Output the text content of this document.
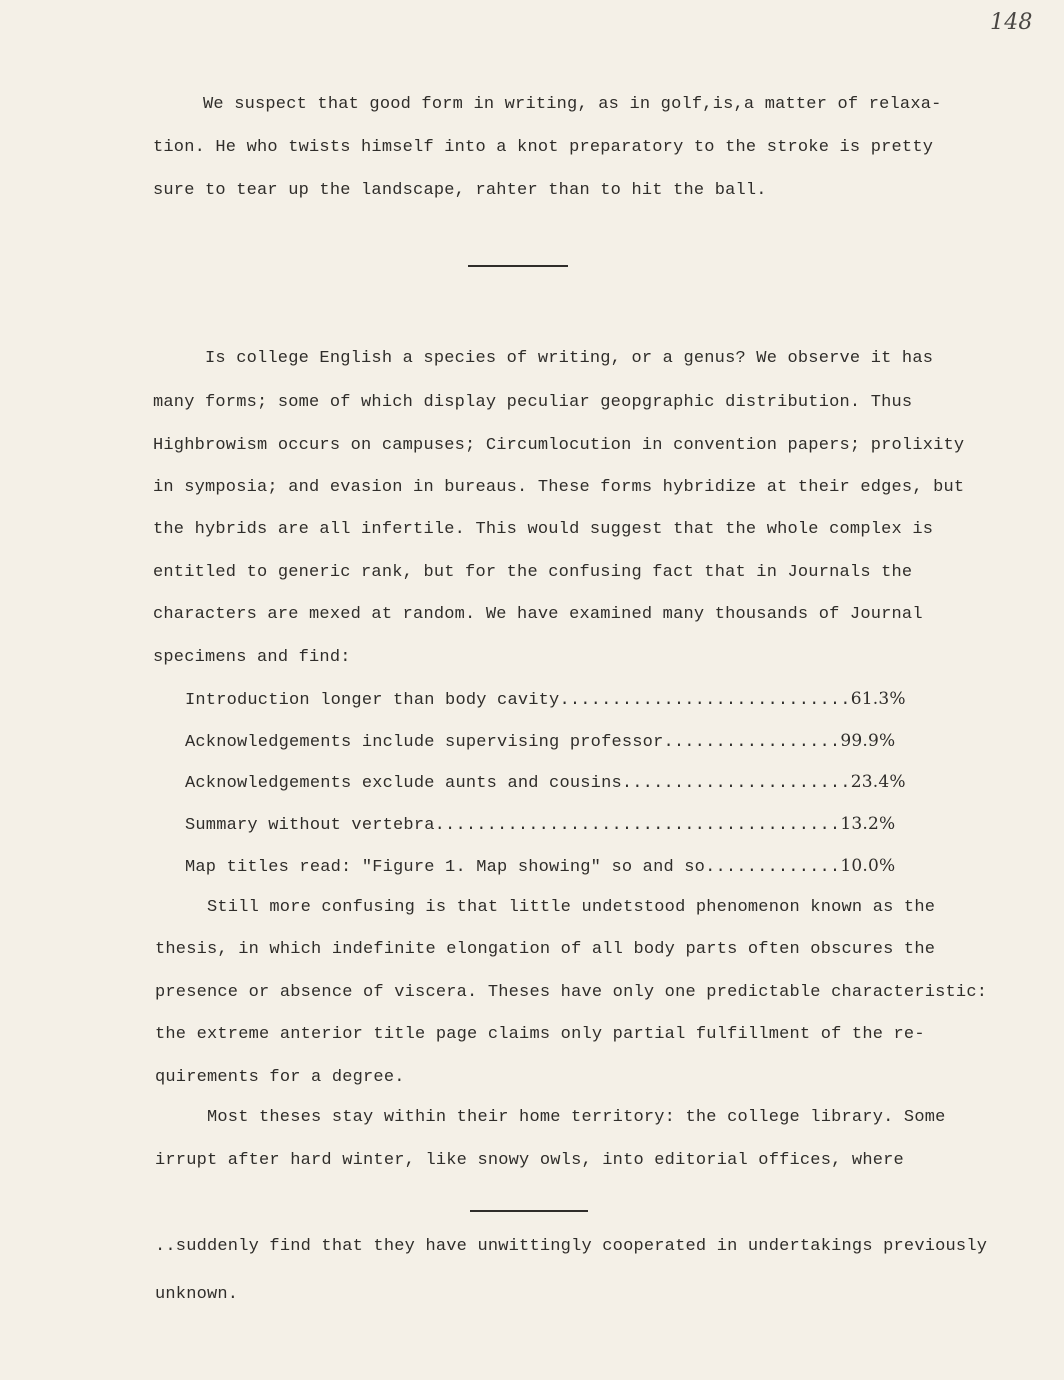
148
We suspect that good form in writing, as in golf,is,a matter of relaxa-
tion. He who twists himself into a knot preparatory to the stroke is pretty
sure to tear up the landscape, rahter than to hit the ball.
Is college English a species of writing, or a genus? We observe it has
many forms; some of which display peculiar geopgraphic distribution. Thus
Highbrowism occurs on campuses; Circumlocution in convention papers; prolixity
in symposia; and evasion in bureaus. These forms hybridize at their edges, but
the hybrids are all infertile. This would suggest that the whole complex is
entitled to generic rank, but for the confusing fact that in Journals the
characters are mexed at random. We have examined many thousands of Journal
specimens and find:
Introduction longer than body cavity............................61.3%
Acknowledgements include supervising professor.................99.9%
Acknowledgements exclude aunts and cousins......................23.4%
Summary without vertebra.......................................13.2%
Map titles read: "Figure 1. Map showing" so and so.............10.0%
Still more confusing is that little undetstood phenomenon known as the
thesis, in which indefinite elongation of all body parts often obscures the
presence or absence of viscera. Theses have only one predictable characteristic:
the extreme anterior title page claims only partial fulfillment of the re-
quirements for a degree.
Most theses stay within their home territory: the college library. Some
irrupt after hard winter, like snowy owls, into editorial offices, where
..suddenly find that they have unwittingly cooperated in undertakings previously
unknown.
